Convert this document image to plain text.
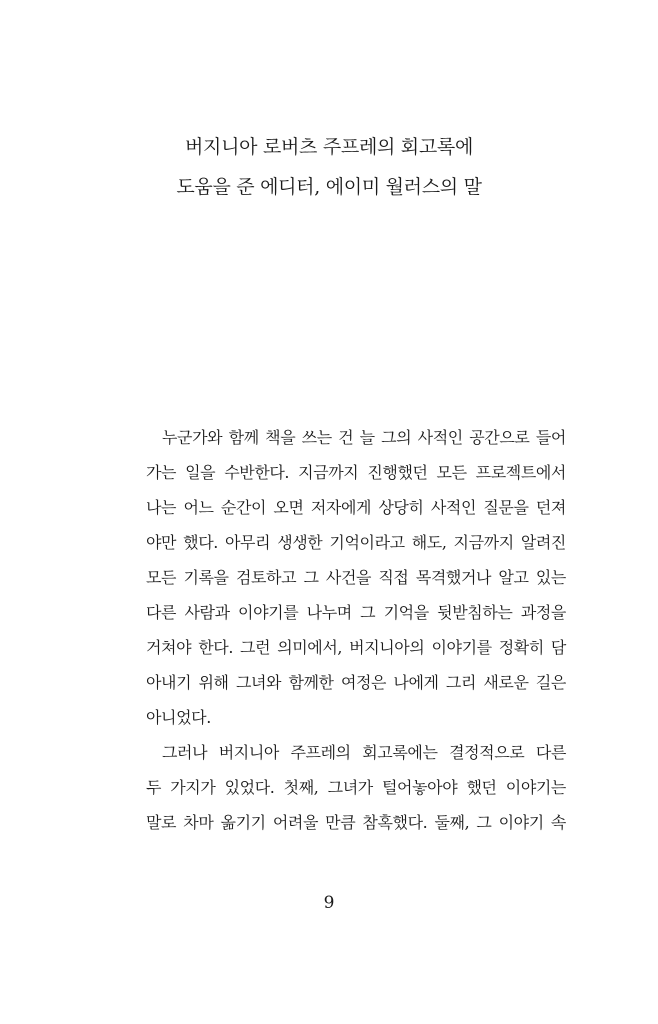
버지니아 로버츠 주프레의 회고록에
도움을 준 에디터, 에이미 월러스의 말
누군가와 함께 책을 쓰는 건 늘 그의 사적인 공간으로 들어
가는 일을 수반한다. 지금까지 진행했던 모든 프로젝트에서
나는 어느 순간이 오면 저자에게 상당히 사적인 질문을 던져
야만 했다. 아무리 생생한 기억이라고 해도, 지금까지 알려진
모든 기록을 검토하고 그 사건을 직접 목격했거나 알고 있는
다른 사람과 이야기를 나누며 그 기억을 뒷받침하는 과정을
거쳐야 한다. 그런 의미에서, 버지니아의 이야기를 정확히 담
아내기 위해 그녀와 함께한 여정은 나에게 그리 새로운 길은
아니었다.
그러나 버지니아 주프레의 회고록에는 결정적으로 다른
두 가지가 있었다. 첫째, 그녀가 털어놓아야 했던 이야기는
말로 차마 옮기기 어려울 만큼 참혹했다. 둘째, 그 이야기 속
9
